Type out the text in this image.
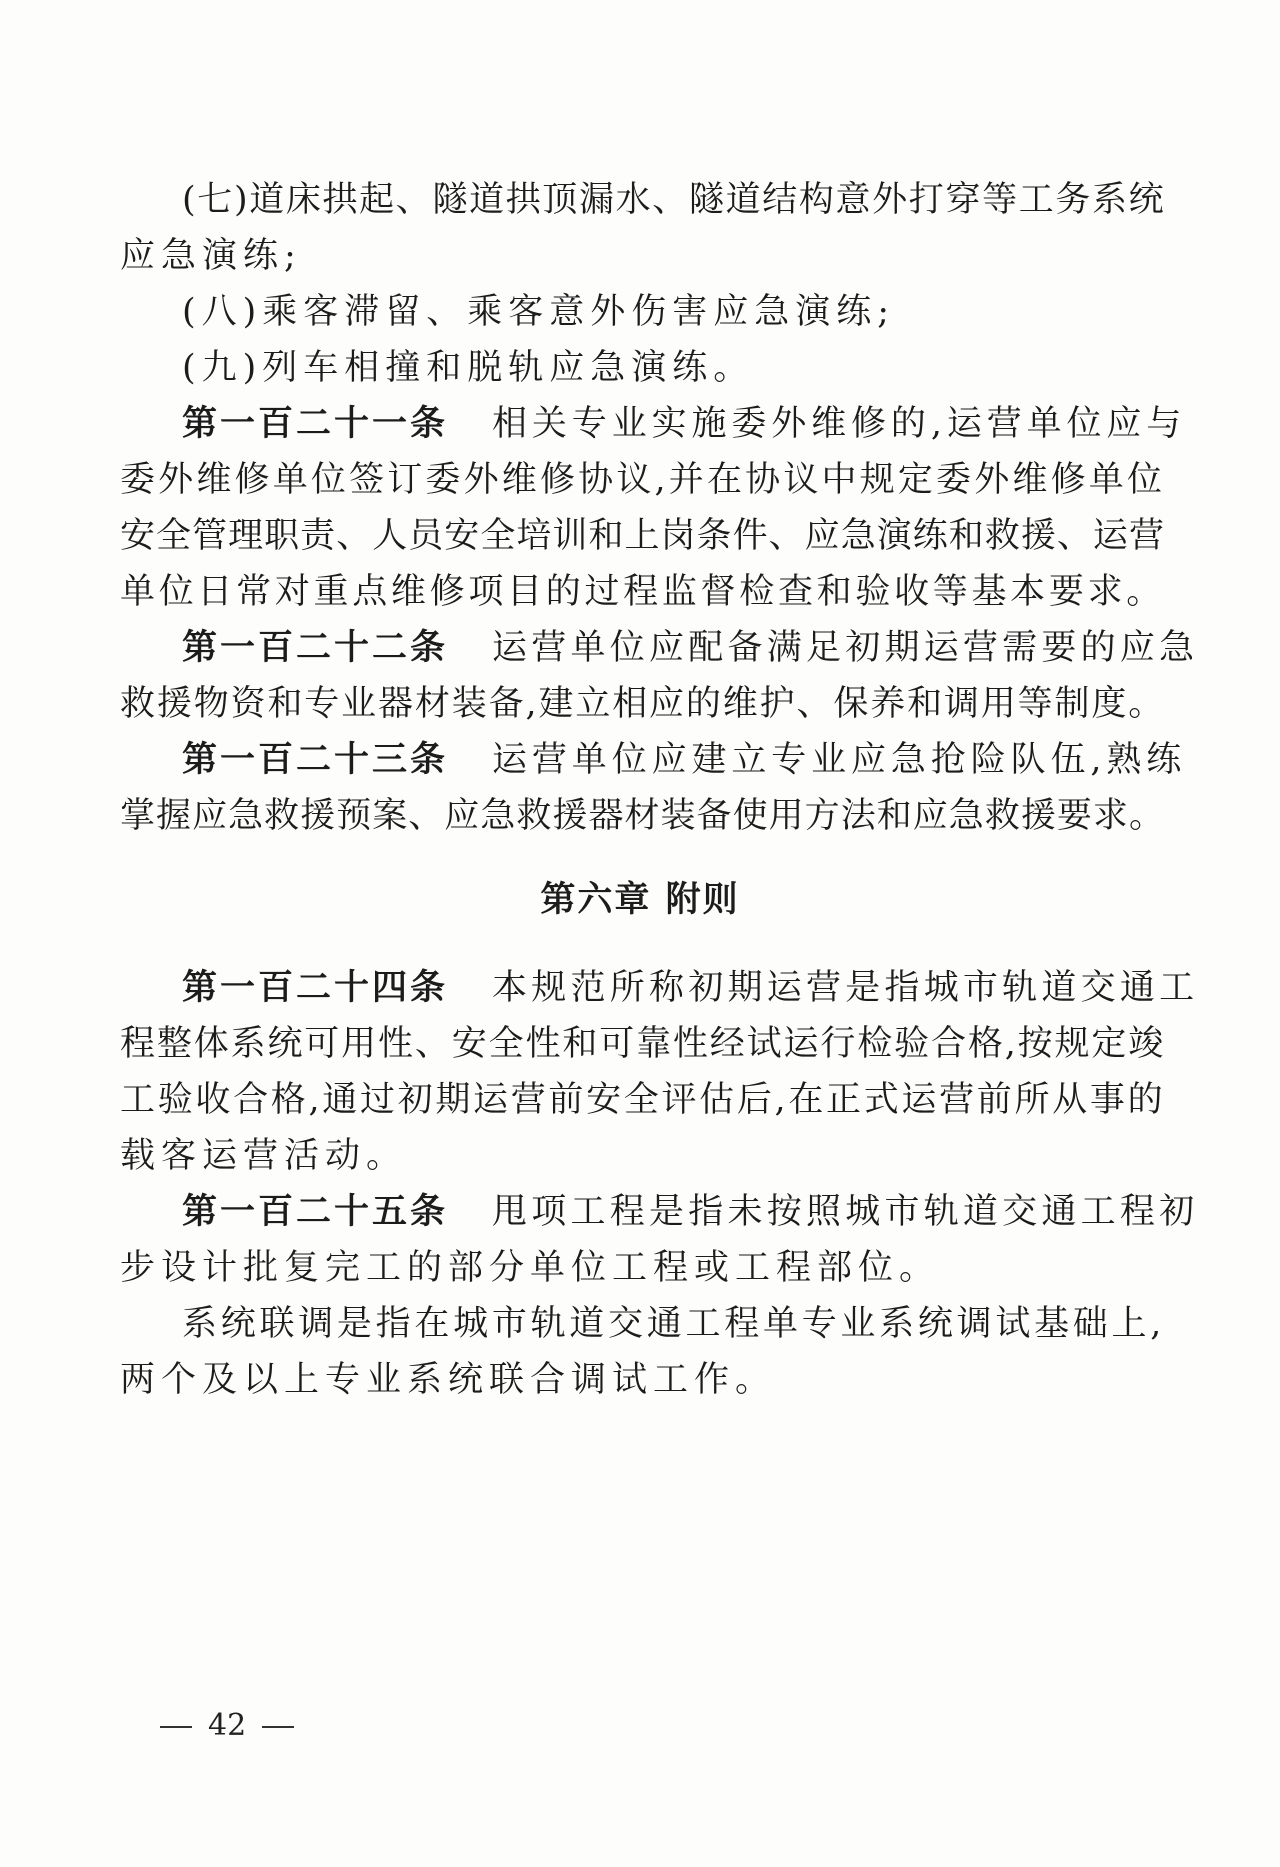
(七)道床拱起、隧道拱顶漏水、隧道结构意外打穿等工务系统
应急演练;
(八)乘客滞留、乘客意外伤害应急演练;
(九)列车相撞和脱轨应急演练。
第一百二十一条 相关专业实施委外维修的,运营单位应与
委外维修单位签订委外维修协议,并在协议中规定委外维修单位
安全管理职责、人员安全培训和上岗条件、应急演练和救援、运营
单位日常对重点维修项目的过程监督检查和验收等基本要求。
第一百二十二条 运营单位应配备满足初期运营需要的应急
救援物资和专业器材装备,建立相应的维护、保养和调用等制度。
第一百二十三条 运营单位应建立专业应急抢险队伍,熟练
掌握应急救援预案、应急救援器材装备使用方法和应急救援要求。
第六章 附则
第一百二十四条 本规范所称初期运营是指城市轨道交通工
程整体系统可用性、安全性和可靠性经试运行检验合格,按规定竣
工验收合格,通过初期运营前安全评估后,在正式运营前所从事的
载客运营活动。
第一百二十五条 甩项工程是指未按照城市轨道交通工程初
步设计批复完工的部分单位工程或工程部位。
系统联调是指在城市轨道交通工程单专业系统调试基础上,
两个及以上专业系统联合调试工作。
42
